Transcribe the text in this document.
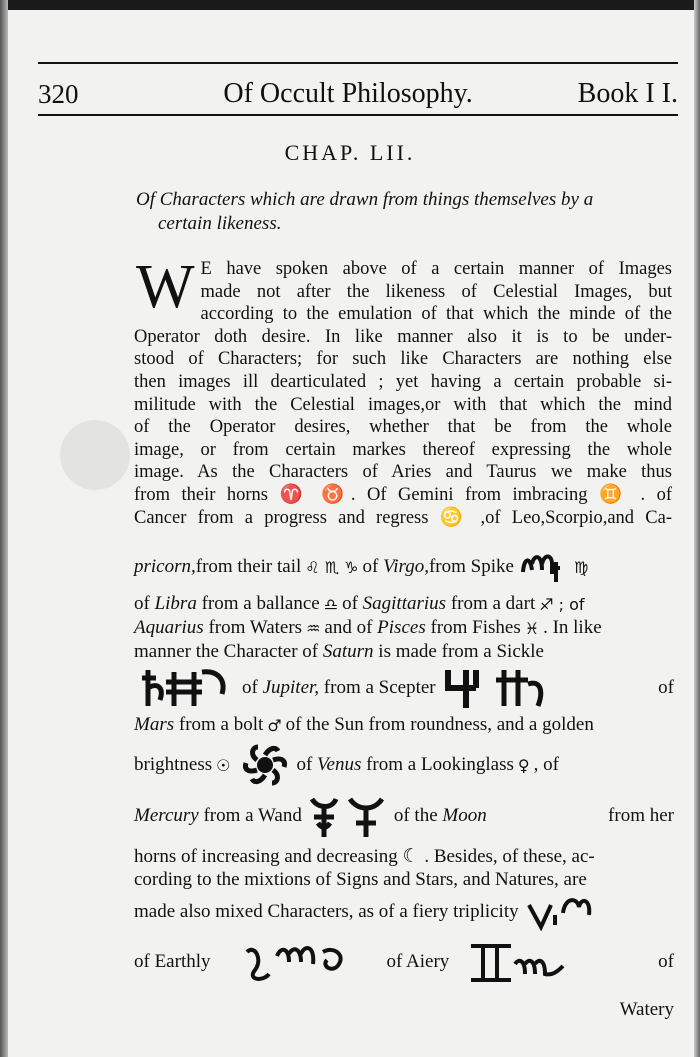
320	Of Occult Philosophy.	Book I I.
CHAP. LII.
Of Characters which are drawn from things themselves by a
certain likeness.
W E have spoken above of a certain manner of Images
made not after the likeness of Celestial Images, but
according to the emulation of that which the minde of the
Operator doth desire. In like manner also it is to be under-
stood of Characters; for such like Characters are nothing else
then images ill dearticulated ; yet having a certain probable si-
militude with the Celestial images,or with that which the mind
of the Operator desires, whether that be from the whole
image, or from certain markes thereof expressing the whole
image. As the Characters of Aries and Taurus we make thus
from their horns ♈ ♉. Of Gemini from imbracing ♊ . of
Cancer from a progress and regress ♋ ,of Leo,Scorpio,and Ca-
pricorn, from their tail ♌ ♏ ♑ of
Virgo, from Spike	♍
of
Libra
from a ballance ♎ of
Sagittarius
from a dart ♐ ; of
Aquarius
from Waters ♒ and of
Pisces
from Fishes ♓ . In like
manner the Character of
Saturn
is made from a Sickle
of
Jupiter,
from a Scepter	of
Mars
from a bolt ♂ of the Sun from roundness, and a golden
brightness ☉	of
Venus
from a Lookinglass ♀ , of
Mercury
from a Wand	of the
Moon
	from her
horns of increasing and decreasing ☾ . Besides, of these, ac-
cording to the mixtions of Signs and Stars, and Natures, are
made also mixed Characters, as of a fiery triplicity
of Earthly	of Aiery	of
Watery
